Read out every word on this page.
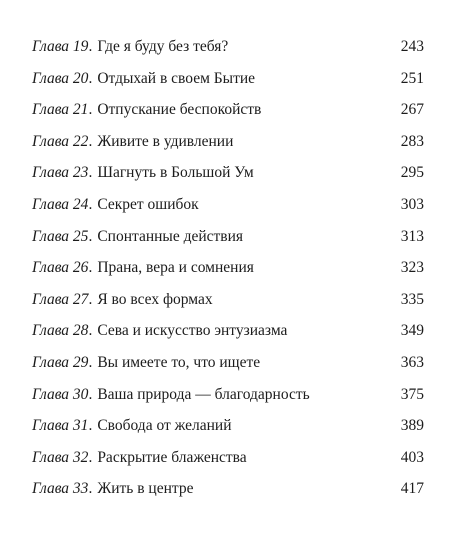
Глава 19 . Где я буду без тебя?	243
Глава 20 . Отдыхай в своем Бытие	251
Глава 21 . Отпускание беспокойств	267
Глава 22 . Живите в удивлении	283
Глава 23 . Шагнуть в Большой Ум	295
Глава 24 . Секрет ошибок	303
Глава 25 . Спонтанные действия	313
Глава 26 . Прана, вера и сомнения	323
Глава 27 . Я во всех формах	335
Глава 28 . Сева и искусство энтузиазма	349
Глава 29 . Вы имеете то, что ищете	363
Глава 30 . Ваша природа — благодарность	375
Глава 31 . Свобода от желаний	389
Глава 32 . Раскрытие блаженства	403
Глава 33 . Жить в центре	417
